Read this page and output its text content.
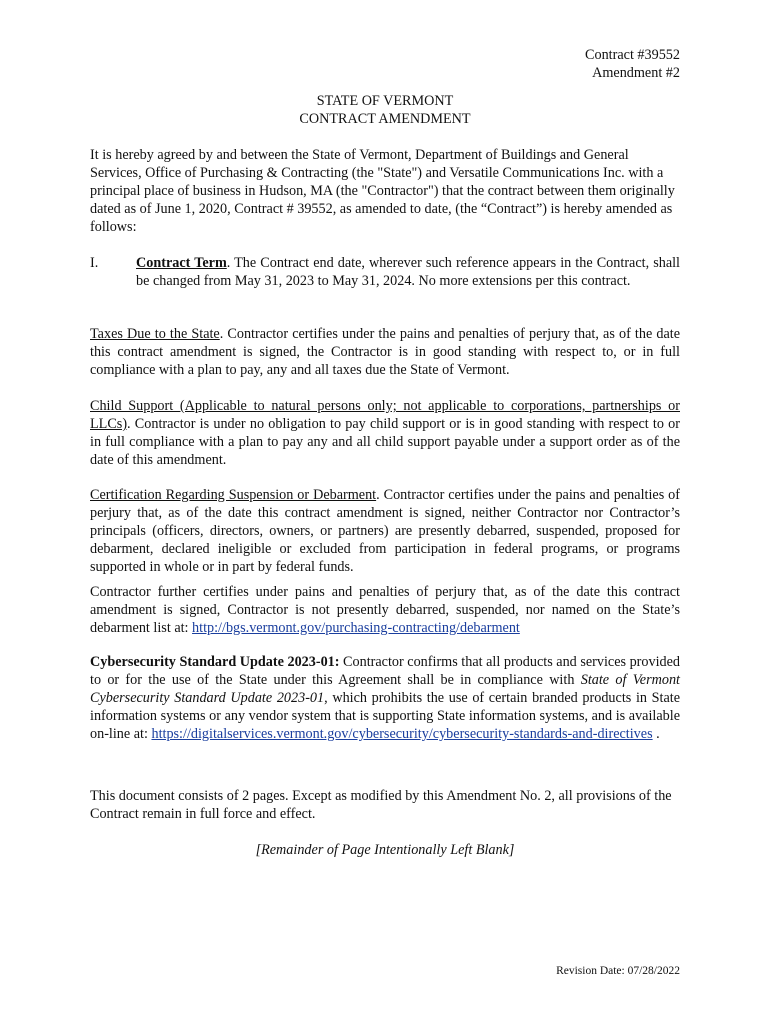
Contract #39552
Amendment #2
STATE OF VERMONT
CONTRACT AMENDMENT

It is hereby agreed by and between the State of Vermont, Department of Buildings and General Services, Office of Purchasing & Contracting (the "State") and Versatile Communications Inc. with a principal place of business in Hudson, MA (the "Contractor") that the contract between them originally dated as of June 1, 2020, Contract # 39552, as amended to date, (the “Contract”) is hereby amended as follows:

I.	Contract Term. The Contract end date, wherever such reference appears in the Contract, shall be changed from May 31, 2023 to May 31, 2024. No more extensions per this contract.

Taxes Due to the State. Contractor certifies under the pains and penalties of perjury that, as of the date this contract amendment is signed, the Contractor is in good standing with respect to, or in full compliance with a plan to pay, any and all taxes due the State of Vermont.

Child Support (Applicable to natural persons only; not applicable to corporations, partnerships or LLCs). Contractor is under no obligation to pay child support or is in good standing with respect to or in full compliance with a plan to pay any and all child support payable under a support order as of the date of this amendment.

Certification Regarding Suspension or Debarment. Contractor certifies under the pains and penalties of perjury that, as of the date this contract amendment is signed, neither Contractor nor Contractor’s principals (officers, directors, owners, or partners) are presently debarred, suspended, proposed for debarment, declared ineligible or excluded from participation in federal programs, or programs supported in whole or in part by federal funds.

Contractor further certifies under pains and penalties of perjury that, as of the date this contract amendment is signed, Contractor is not presently debarred, suspended, nor named on the State’s debarment list at: http://bgs.vermont.gov/purchasing-contracting/debarment

Cybersecurity Standard Update 2023-01: Contractor confirms that all products and services provided to or for the use of the State under this Agreement shall be in compliance with State of Vermont Cybersecurity Standard Update 2023-01, which prohibits the use of certain branded products in State information systems or any vendor system that is supporting State information systems, and is available on-line at: https://digitalservices.vermont.gov/cybersecurity/cybersecurity-standards-and-directives .

This document consists of 2 pages. Except as modified by this Amendment No. 2, all provisions of the Contract remain in full force and effect.

[Remainder of Page Intentionally Left Blank]

Revision Date: 07/28/2022
